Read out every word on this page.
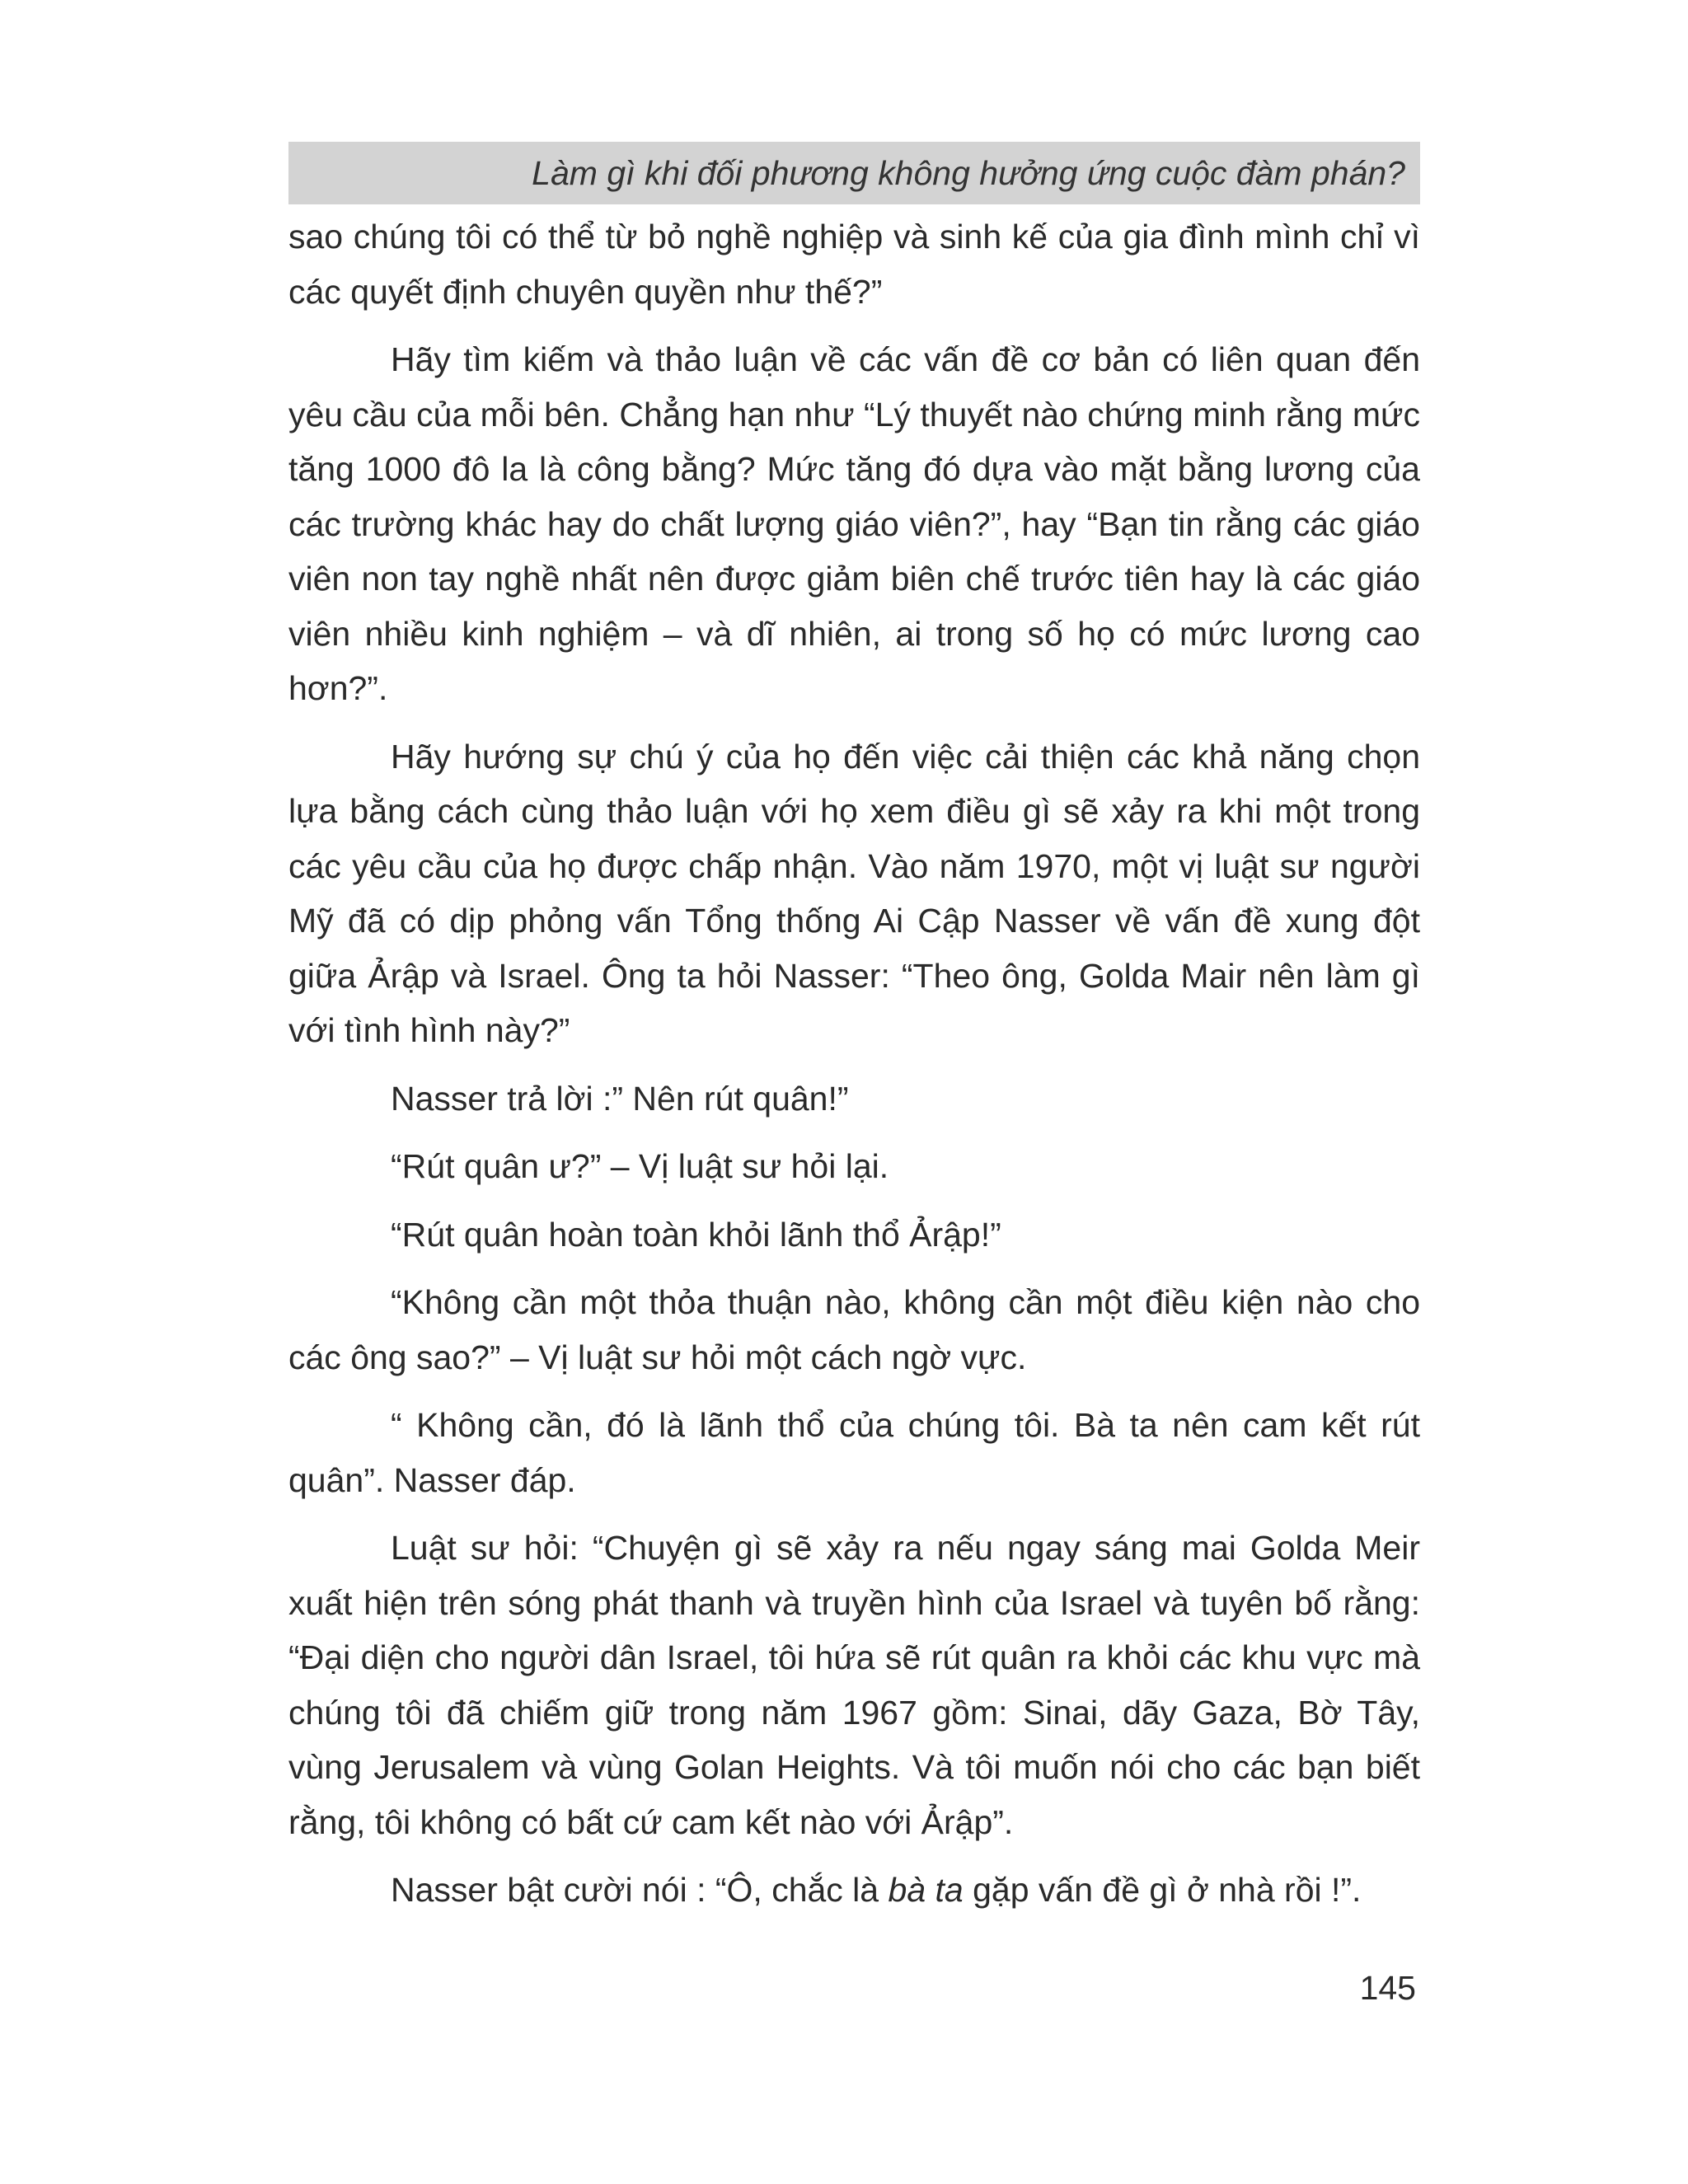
Làm gì khi đối phương không hưởng ứng cuộc đàm phán?

sao chúng tôi có thể từ bỏ nghề nghiệp và sinh kế của gia đình mình chỉ vì các quyết định chuyên quyền như thế?”

Hãy tìm kiếm và thảo luận về các vấn đề cơ bản có liên quan đến yêu cầu của mỗi bên. Chẳng hạn như “Lý thuyết nào chứng minh rằng mức tăng 1000 đô la là công bằng? Mức tăng đó dựa vào mặt bằng lương của các trường khác hay do chất lượng giáo viên?”, hay “Bạn tin rằng các giáo viên non tay nghề nhất nên được giảm biên chế trước tiên hay là các giáo viên nhiều kinh nghiệm – và dĩ nhiên, ai trong số họ có mức lương cao hơn?”.

Hãy hướng sự chú ý của họ đến việc cải thiện các khả năng chọn lựa bằng cách cùng thảo luận với họ xem điều gì sẽ xảy ra khi một trong các yêu cầu của họ được chấp nhận. Vào năm 1970, một vị luật sư người Mỹ đã có dịp phỏng vấn Tổng thống Ai Cập Nasser về vấn đề xung đột giữa Ảrập và Israel. Ông ta hỏi Nasser: “Theo ông, Golda Mair nên làm gì với tình hình này?”

Nasser trả lời :” Nên rút quân!”

“Rút quân ư?” – Vị luật sư hỏi lại.

“Rút quân hoàn toàn khỏi lãnh thổ Ảrập!”

“Không cần một thỏa thuận nào, không cần một điều kiện nào cho các ông sao?” – Vị luật sư hỏi một cách ngờ vực.

“ Không cần, đó là lãnh thổ của chúng tôi. Bà ta nên cam kết rút quân”. Nasser đáp.

Luật sư hỏi: “Chuyện gì sẽ xảy ra nếu ngay sáng mai Golda Meir xuất hiện trên sóng phát thanh và truyền hình của Israel và tuyên bố rằng: “Đại diện cho người dân Israel, tôi hứa sẽ rút quân ra khỏi các khu vực mà chúng tôi đã chiếm giữ trong năm 1967 gồm: Sinai, dãy Gaza, Bờ Tây, vùng Jerusalem và vùng Golan Heights. Và tôi muốn nói cho các bạn biết rằng, tôi không có bất cứ cam kết nào với Ảrập”.

Nasser bật cười nói : “Ô, chắc là bà ta gặp vấn đề gì ở nhà rồi !”.

145
